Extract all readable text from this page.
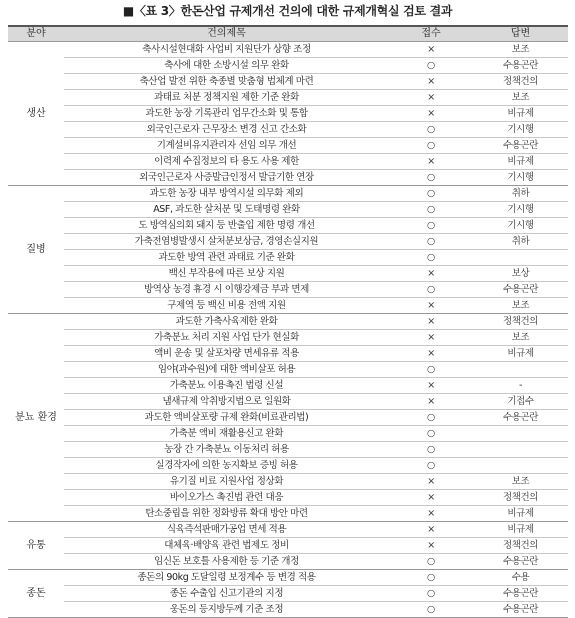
■〈표 3〉한돈산업 규제개선 건의에 대한 규제개혁실 검토 결과
분야	건의제목	접수	답변
생산	축사시설현대화 사업비 지원단가 상향 조정	×	보조
	축사에 대한 소방시설 의무 완화	○	수용곤란
	축산업 발전 위한 축종별 맞춤형 법체계 마련	×	정책건의
	과태료 처분 정책지원 제한 기준 완화	×	보조
	과도한 농장 기록관리 업무간소화 및 통합	×	비규제
	외국인근로자 근무장소 변경 신고 간소화	○	기시행
	기계설비유지관리자 선임 의무 개선	○	수용곤란
	이력제 수집정보의 타 용도 사용 제한	×	비규제
	외국인근로자 사증발급인정서 발급기한 연장	○	기시행
질병	과도한 농장 내부 방역시설 의무화 제외	○	취하
	ASF, 과도한 살처분 및 도태명령 완화	○	기시행
	도 방역심의회 돼지 등 반출입 제한 명령 개선	○	기시행
	가축전염병발생시 살처분보상금, 경영손실지원	○	취하
	과도한 방역 관련 과태료 기준 완화	○	
	백신 부작용에 따른 보상 지원	×	보상
	방역상 농경 휴경 시 이행강제금 부과 면제	○	수용곤란
	구제역 등 백신 비용 전액 지원	×	보조
분뇨 환경	과도한 가축사육제한 완화	×	정책건의
	가축분뇨 처리 지원 사업 단가 현실화	×	보조
	액비 운송 및 살포차량 면세유류 적용	×	비규제
	임야(과수원)에 대한 액비살포 허용	○	
	가축분뇨 이용촉진 법령 신설	×	-
	냄새규제 악취방지법으로 일원화	×	기접수
	과도한 액비살포량 규제 완화(비료관리법)	○	수용곤란
	가축분 액비 재활용신고 완화	○	
	농장 간 가축분뇨 이동처리 허용	○	
	실경작자에 의한 농지확보 증빙 허용	○	
	유기질 비료 지원사업 정상화	×	보조
	바이오가스 촉진법 관련 대응	×	정책건의
	탄소중립을 위한 정화방류 확대 방안 마련	×	비규제
유통	식육즉석판매가공업 면세 적용	×	비규제
	대체육·배양육 관련 법제도 정비	×	정책건의
	임신돈 보호틀 사용제한 등 기준 개정	○	수용곤란
종돈	종돈의 90kg 도달일령 보정계수 등 변경 적용	○	수용
	종돈 수출입 신고기관의 지정	○	수용곤란
	웅돈의 등지방두께 기준 조정	○	수용곤란
